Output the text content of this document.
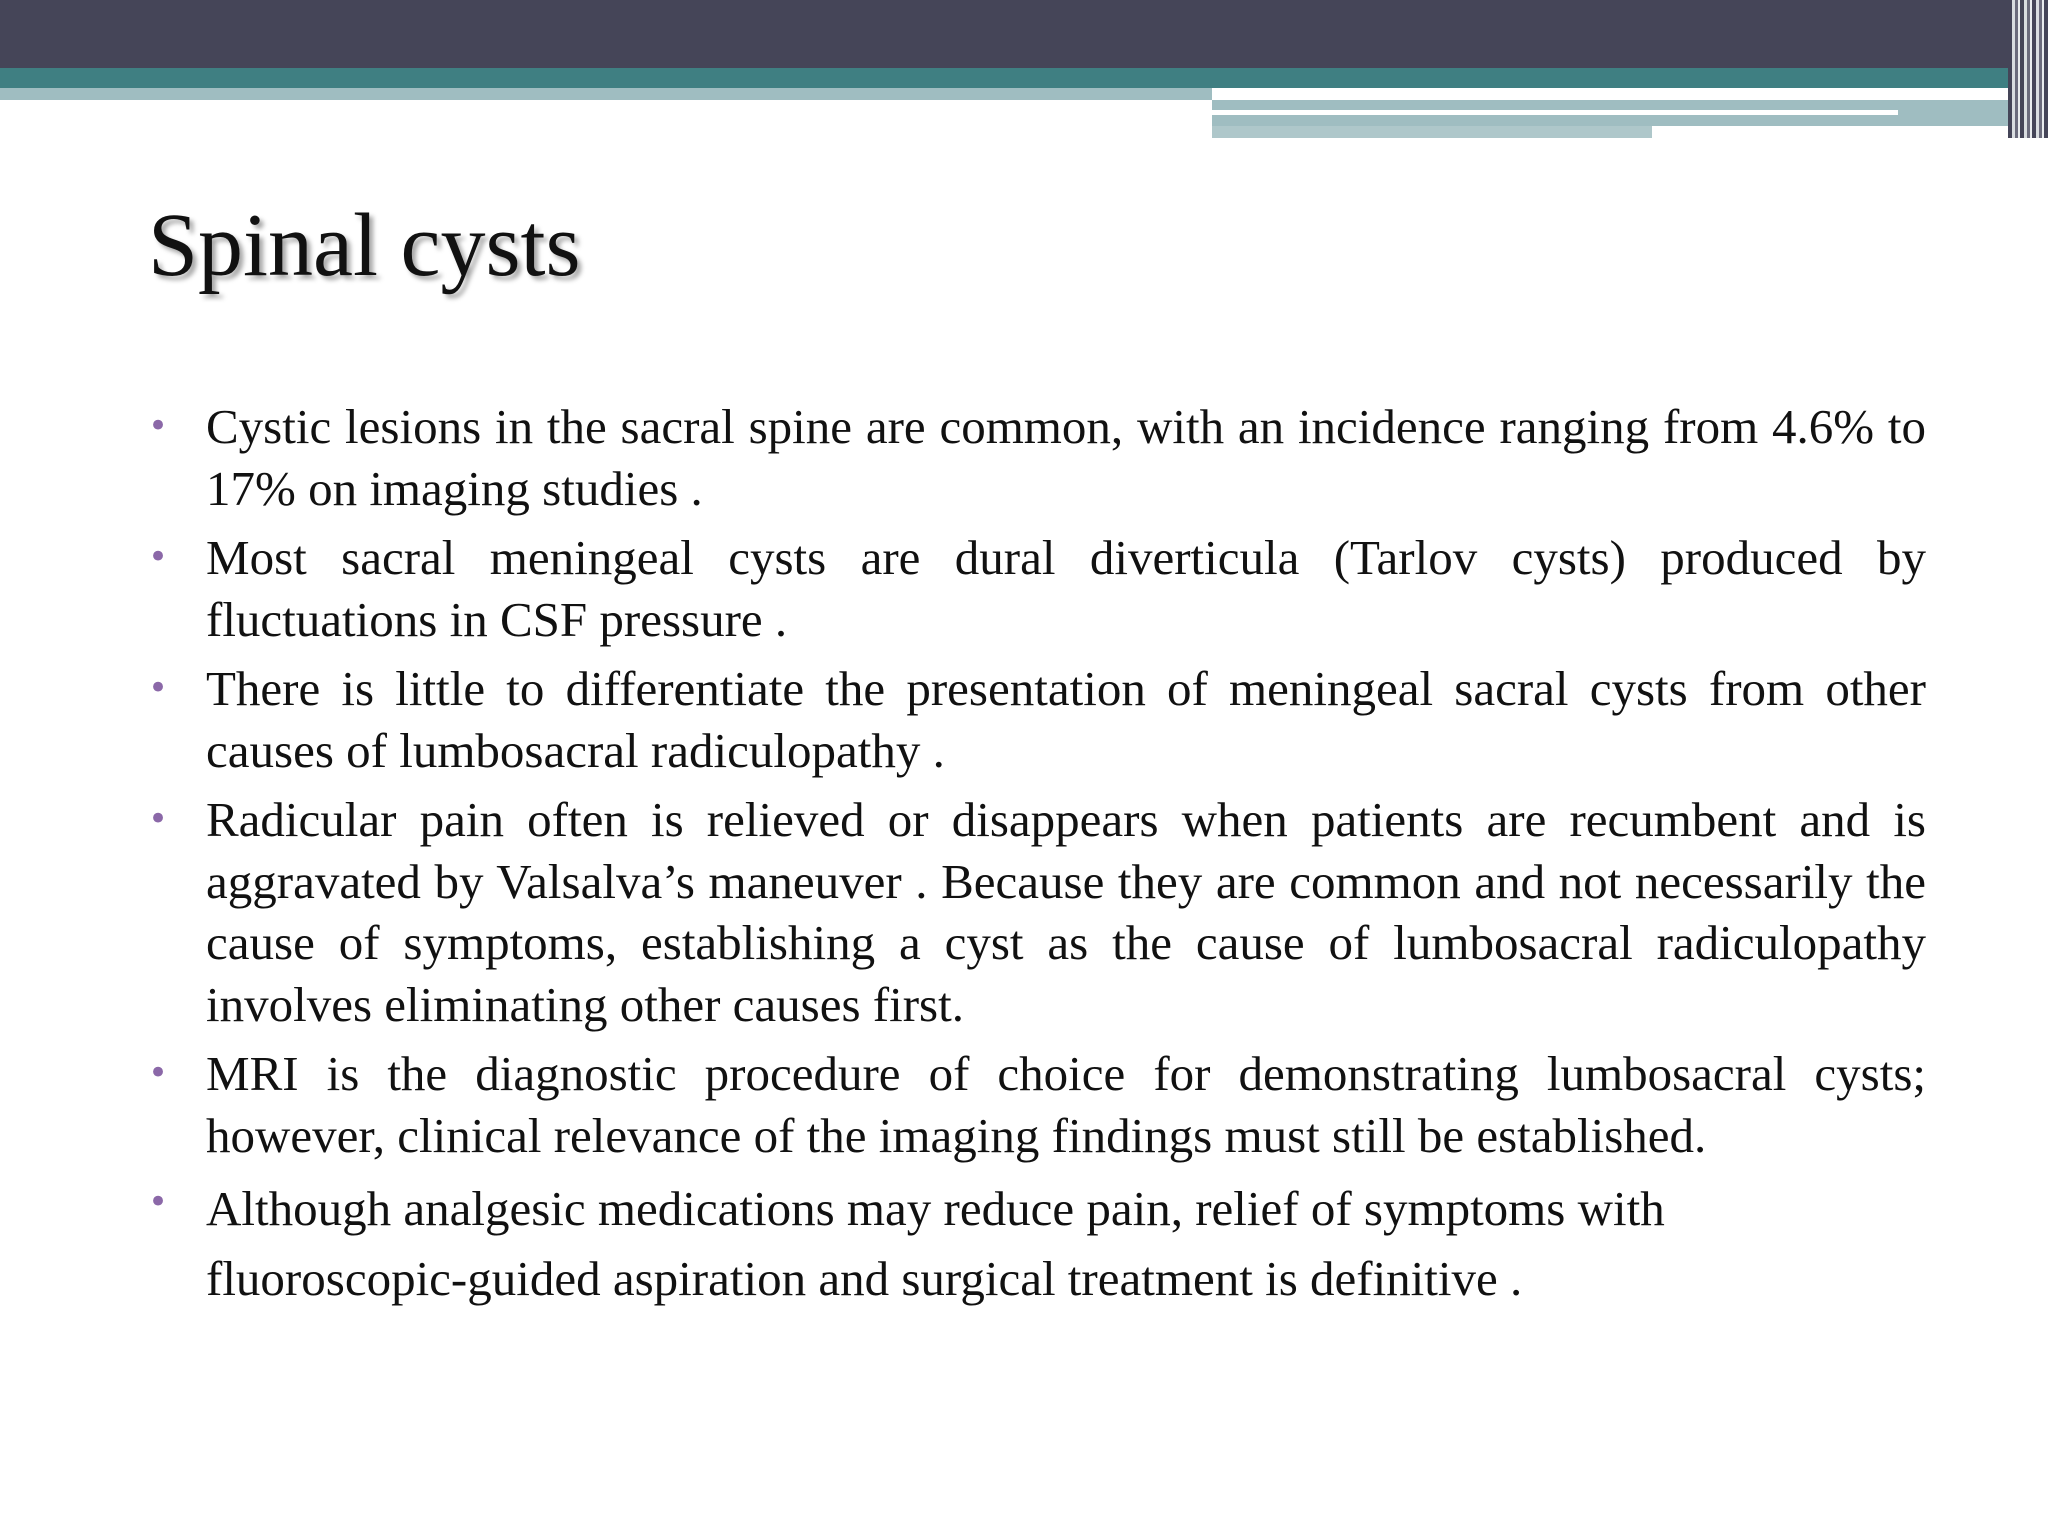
Spinal cysts
• Cystic lesions in the sacral spine are common, with an incidence ranging from 4.6% to 17% on imaging studies .
• Most sacral meningeal cysts are dural diverticula (Tarlov cysts) produced by fluctuations in CSF pressure .
• There is little to differentiate the presentation of meningeal sacral cysts from other causes of lumbosacral radiculopathy .
• Radicular pain often is relieved or disappears when patients are recumbent and is aggravated by Valsalva’s maneuver . Because they are common and not necessarily the cause of symptoms, establishing a cyst as the cause of lumbosacral radiculopathy involves eliminating other causes first.
• MRI is the diagnostic procedure of choice for demonstrating lumbosacral cysts; however, clinical relevance of the imaging findings must still be established.
• Although analgesic medications may reduce pain, relief of symptoms with fluoroscopic-guided aspiration and surgical treatment is definitive .
